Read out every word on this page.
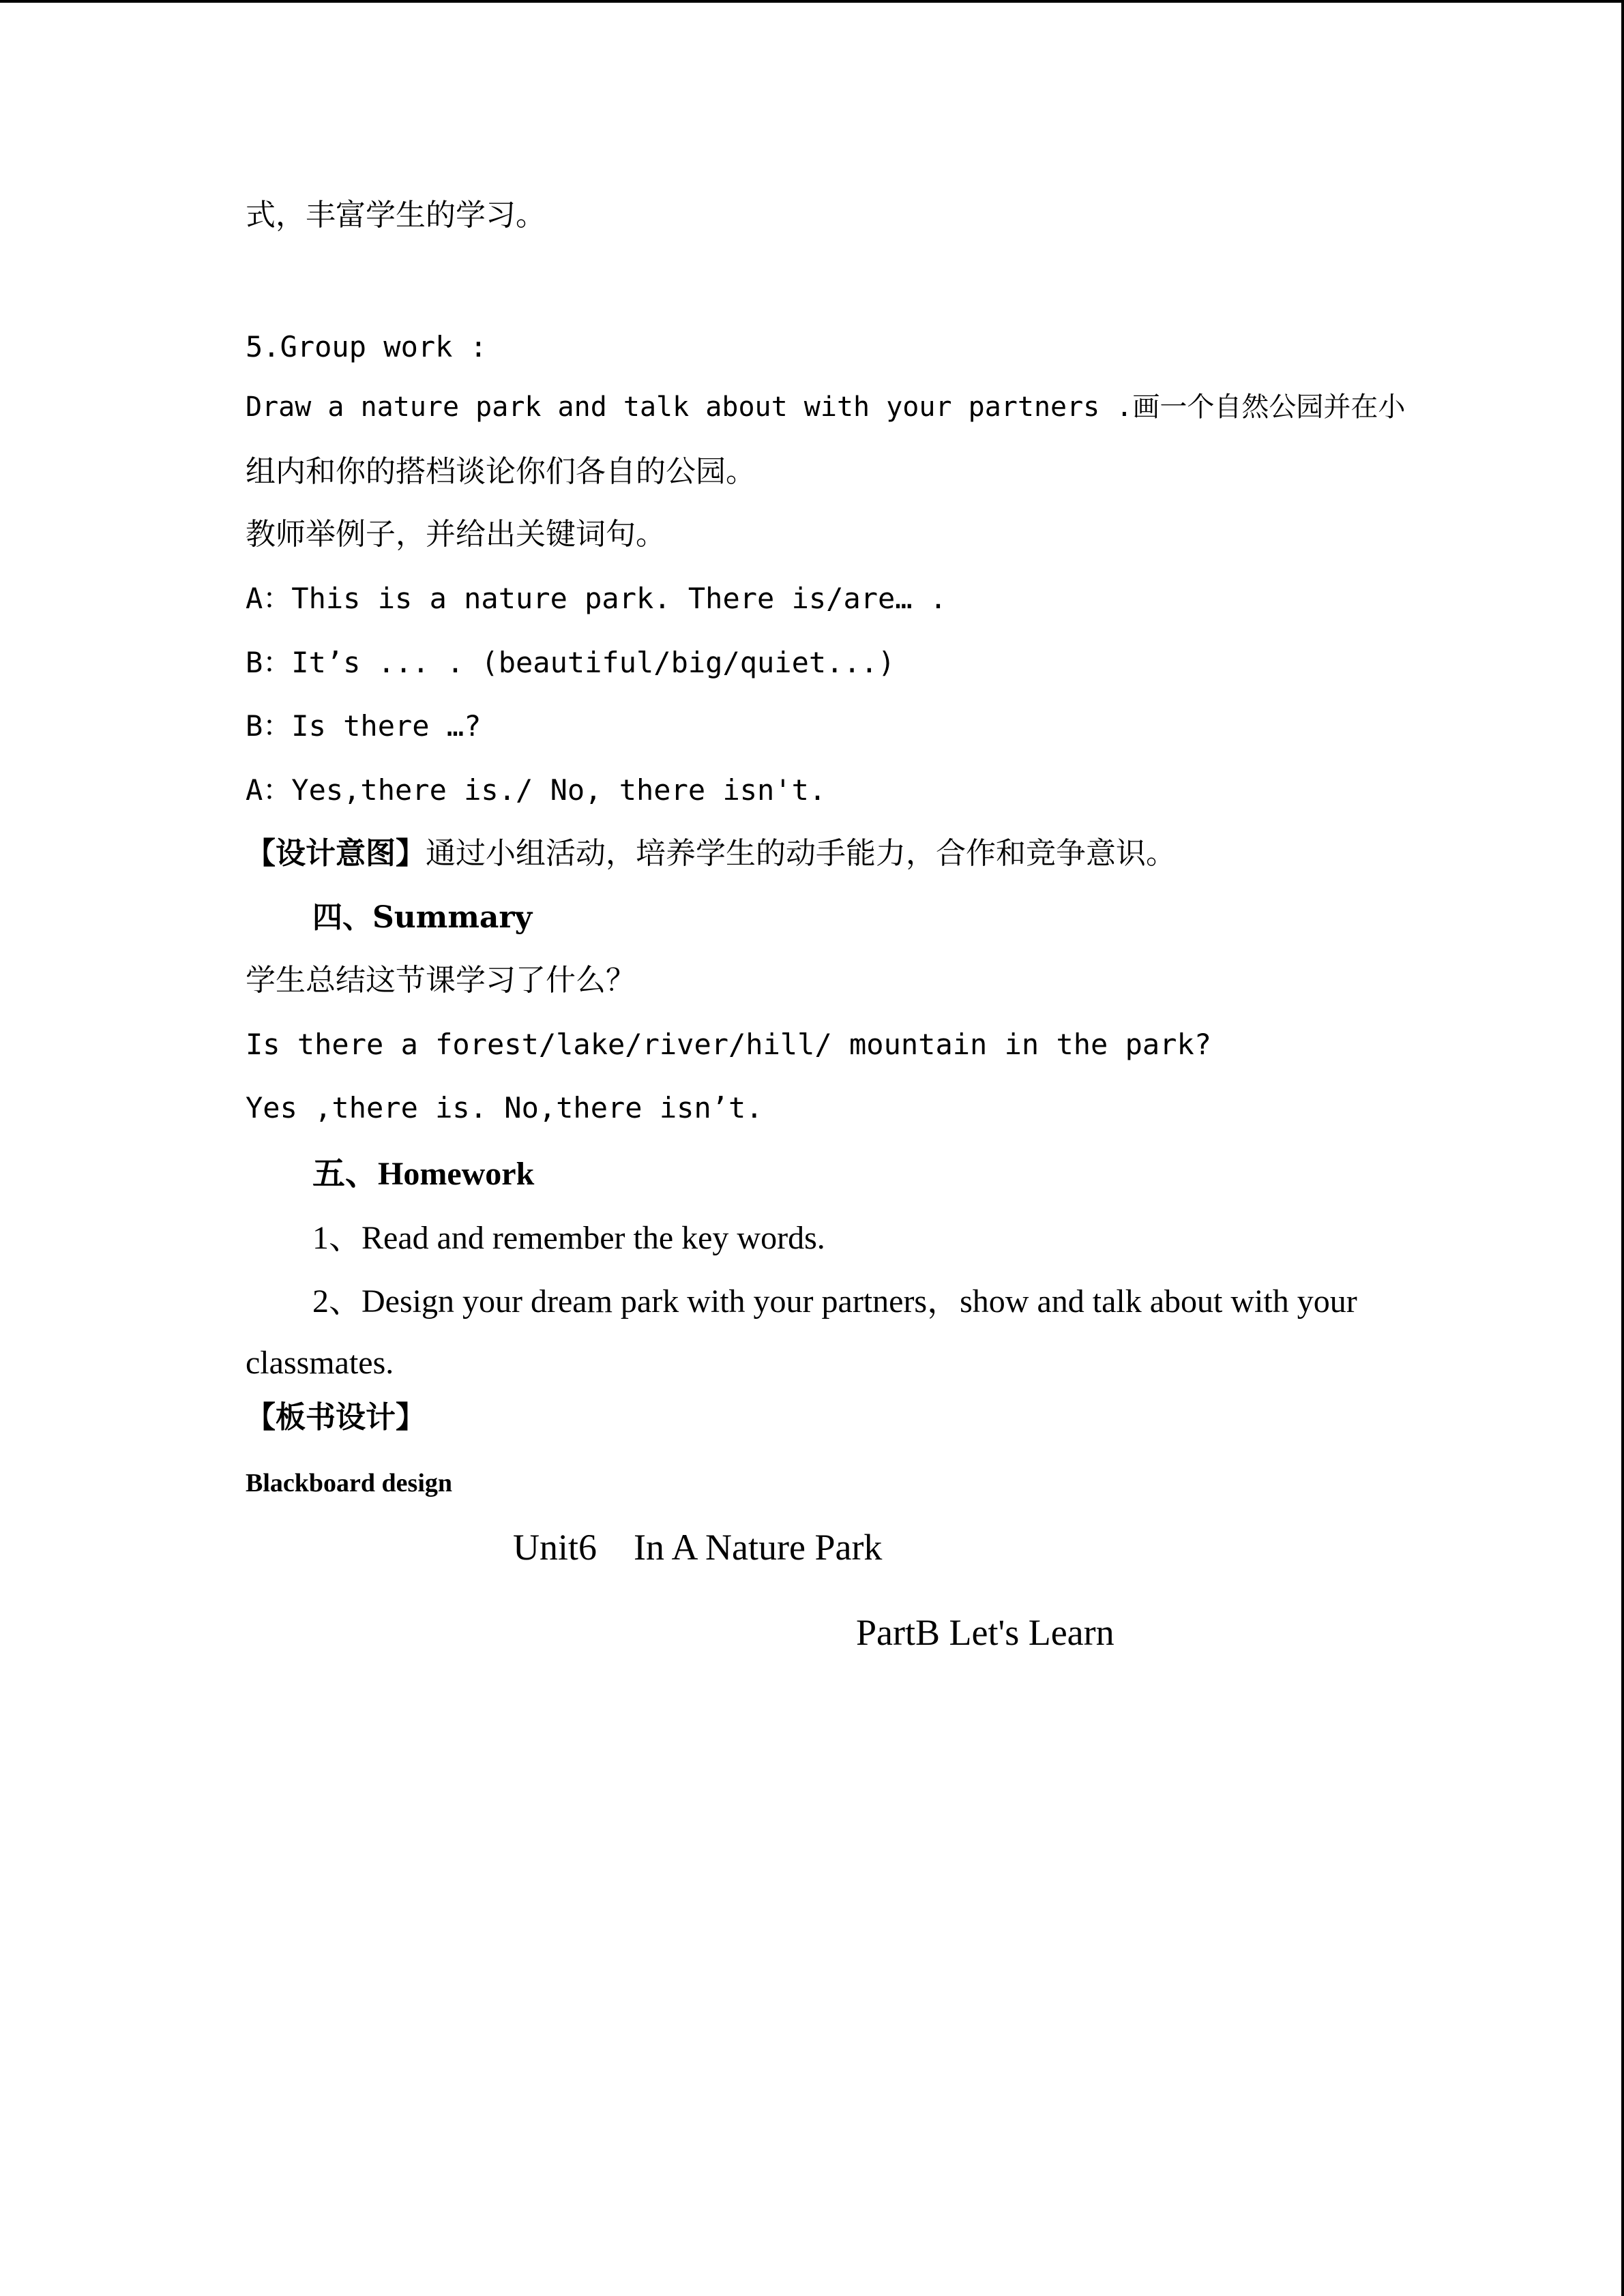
式，丰富学生的学习。
5.Group work :
Draw a nature park and talk about with your partners .画一个自然公园并在小
组内和你的搭档谈论你们各自的公园。
教师举例子，并给出关键词句。
A：This is a nature park. There is/are… .
B：It’s ... . (beautiful/big/quiet...)
B：Is there …?
A：Yes,there is./ No, there isn't.
【设计意图】通过小组活动，培养学生的动手能力，合作和竞争意识。
四、Summary
学生总结这节课学习了什么？
Is there a forest/lake/river/hill/ mountain in the park?
Yes ,there is. No,there isn’t.
五、Homework
1、Read and remember the key words.
2、Design your dream park with your partners，show and talk about with your
classmates.
【板书设计】
Blackboard design
Unit6    In A Nature Park
PartB Let's Learn
